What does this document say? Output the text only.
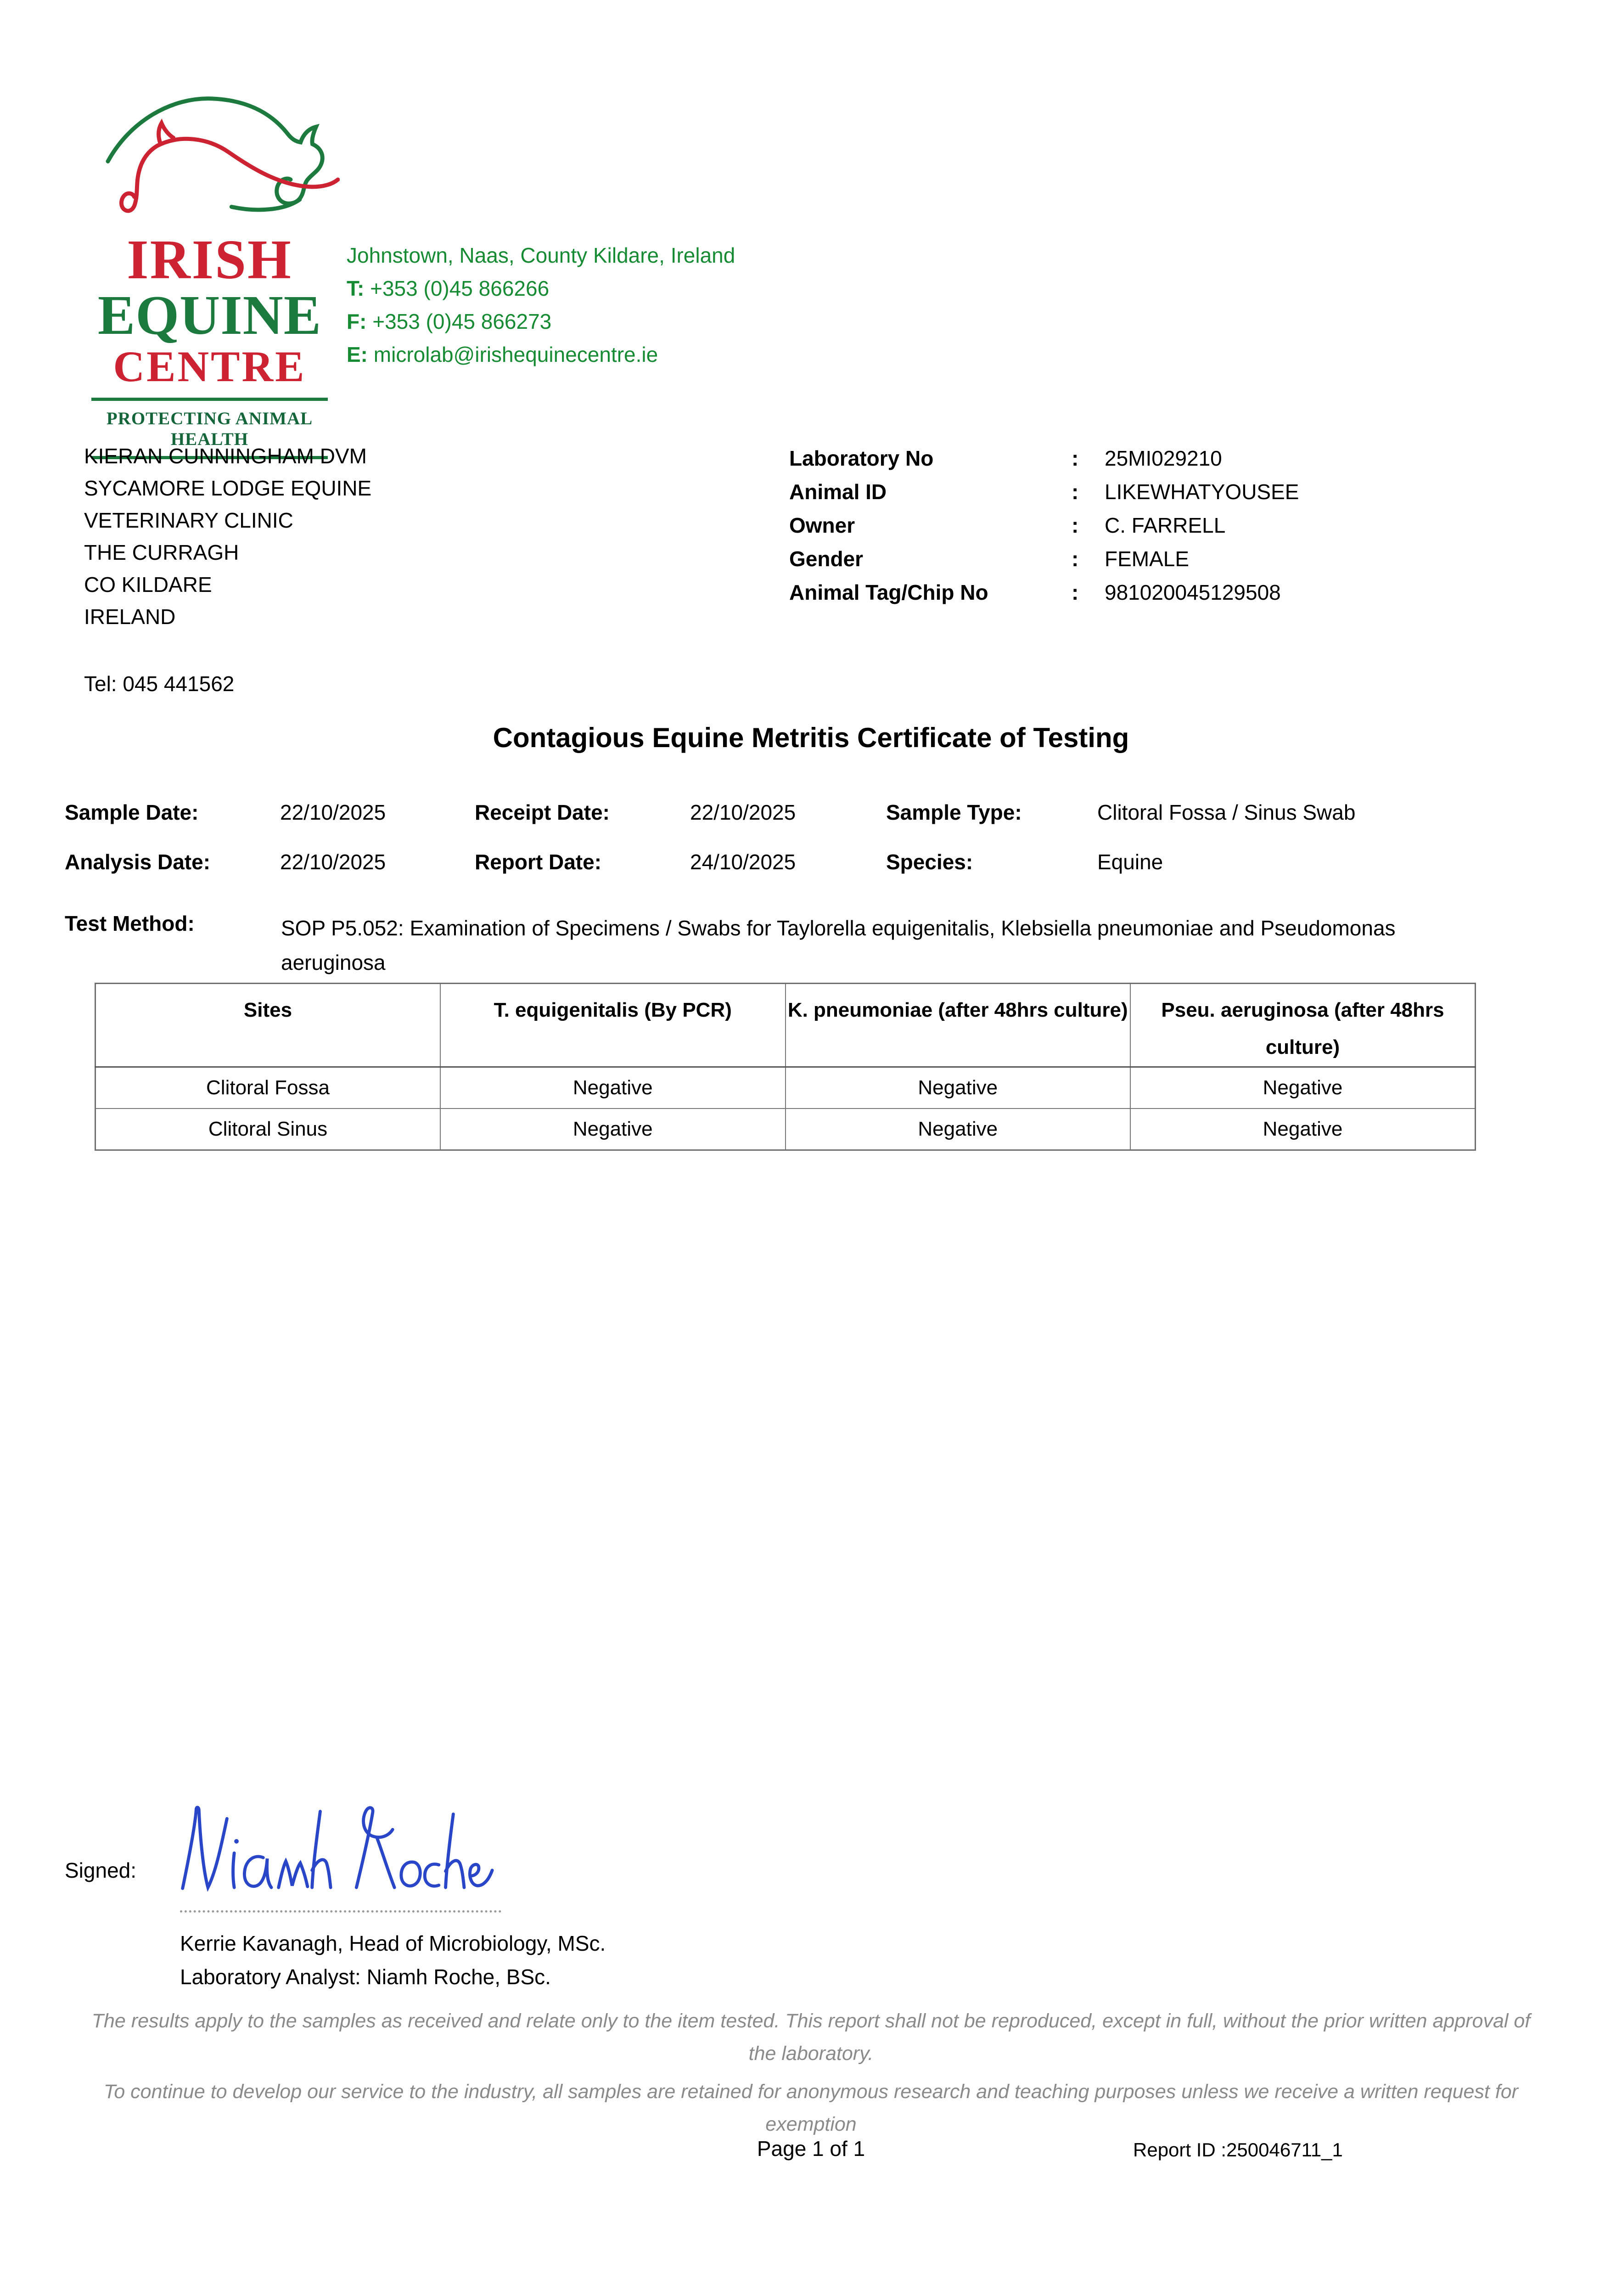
IRISH
EQUINE
CENTRE
PROTECTING ANIMAL HEALTH
Johnstown, Naas, County Kildare, Ireland
T: +353 (0)45 866266
F: +353 (0)45 866273
E: microlab@irishequinecentre.ie
KIERAN CUNNINGHAM DVM
SYCAMORE LODGE EQUINE
VETERINARY CLINIC
THE CURRAGH
CO KILDARE
IRELAND
Tel: 045 441562
Laboratory No	: 25MI029210
Animal ID	: LIKEWHATYOUSEE
Owner	: C. FARRELL
Gender	: FEMALE
Animal Tag/Chip No	: 981020045129508
Contagious Equine Metritis Certificate of Testing
Sample Date:	22/10/2025	Receipt Date:	22/10/2025	Sample Type:	Clitoral Fossa / Sinus Swab
Analysis Date:	22/10/2025	Report Date:	24/10/2025	Species:	Equine
Test Method:	SOP P5.052: Examination of Specimens / Swabs for Taylorella equigenitalis, Klebsiella pneumoniae and Pseudomonas aeruginosa
Sites	T. equigenitalis (By PCR)	K. pneumoniae (after 48hrs culture)	Pseu. aeruginosa (after 48hrs culture)
Clitoral Fossa	Negative	Negative	Negative
Clitoral Sinus	Negative	Negative	Negative
Signed:
Kerrie Kavanagh, Head of Microbiology, MSc.
Laboratory Analyst: Niamh Roche, BSc.
The results apply to the samples as received and relate only to the item tested. This report shall not be reproduced, except in full, without the prior written approval of the laboratory.
To continue to develop our service to the industry, all samples are retained for anonymous research and teaching purposes unless we receive a written request for exemption
Page 1 of 1	Report ID :250046711_1
